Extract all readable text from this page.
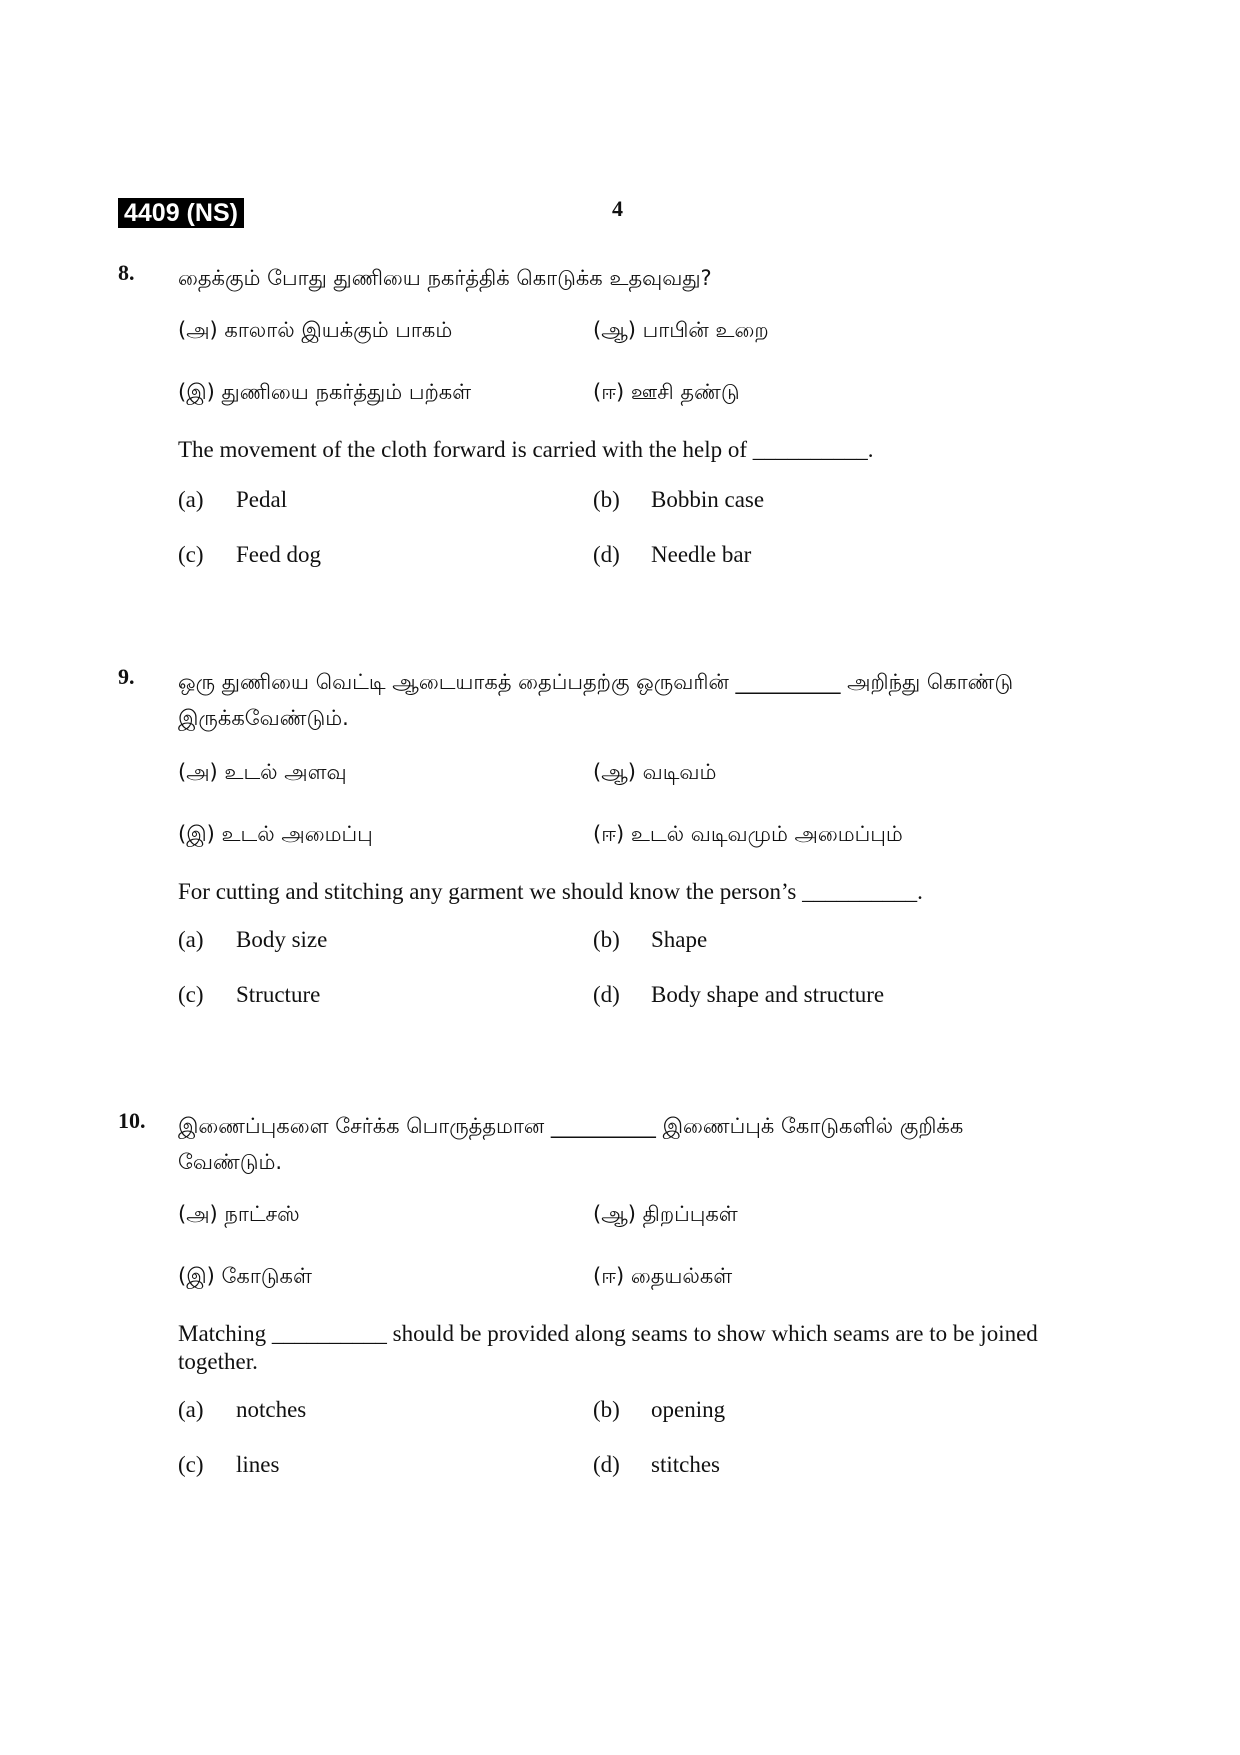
4409 (NS)	4
8. தைக்கும் போது துணியை நகர்த்திக் கொடுக்க உதவுவது?

(அ) காலால் இயக்கும் பாகம்	(ஆ) பாபின் உறை
(இ) துணியை நகர்த்தும் பற்கள்	(ஈ) ஊசி தண்டு

The movement of the cloth forward is carried with the help of __________.

(a)	Pedal	(b)	Bobbin case
(c)	Feed dog	(d)	Needle bar
9. ஒரு துணியை வெட்டி ஆடையாகத் தைப்பதற்கு ஒருவரின் __________ அறிந்து கொண்டு இருக்கவேண்டும்.

(அ) உடல் அளவு	(ஆ) வடிவம்
(இ) உடல் அமைப்பு	(ஈ) உடல் வடிவமும் அமைப்பும்

For cutting and stitching any garment we should know the person’s __________.

(a)	Body size	(b)	Shape
(c)	Structure	(d)	Body shape and structure
10. இணைப்புகளை சேர்க்க பொருத்தமான __________ இணைப்புக் கோடுகளில் குறிக்க வேண்டும்.

(அ) நாட்சஸ்	(ஆ) திறப்புகள்
(இ) கோடுகள்	(ஈ) தையல்கள்

Matching __________ should be provided along seams to show which seams are to be joined together.

(a)	notches	(b)	opening
(c)	lines	(d)	stitches
